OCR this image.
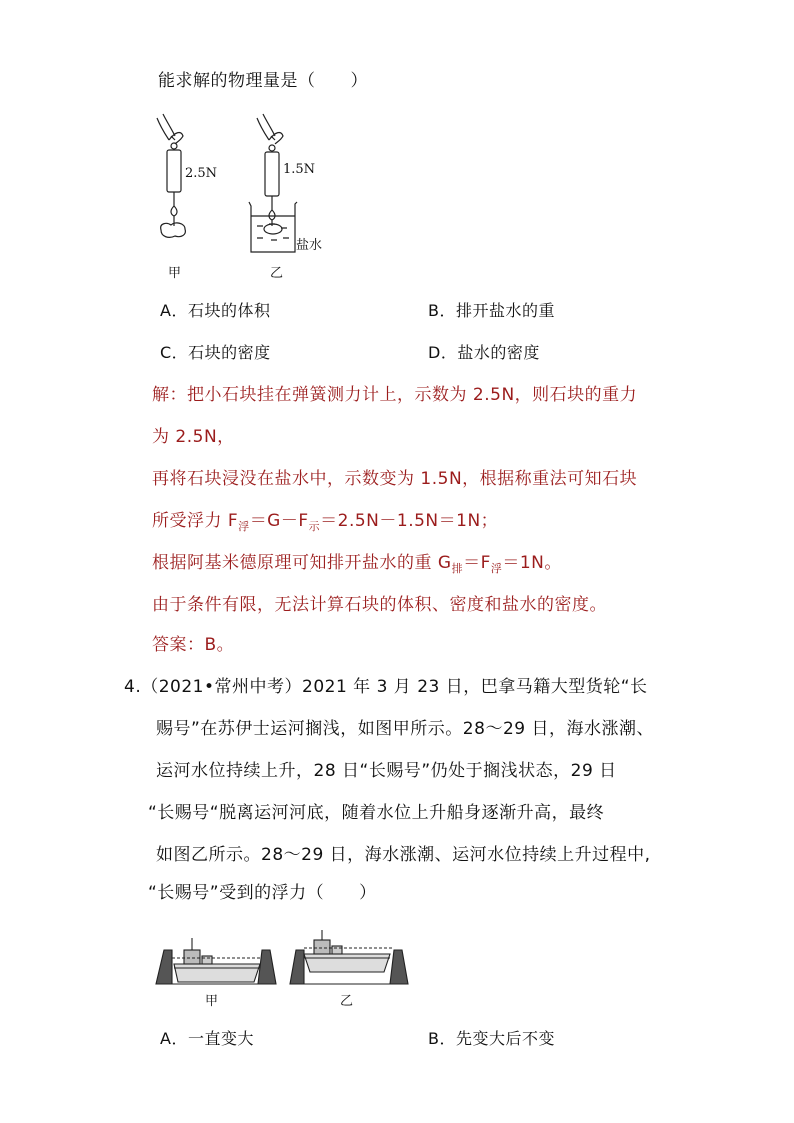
能求解的物理量是（　　）
2.5N	1.5N
盐水
甲	乙
A．石块的体积	B．排开盐水的重
C．石块的密度	D．盐水的密度
解：把小石块挂在弹簧测力计上，示数为 2.5N，则石块的重力
为 2.5N，
再将石块浸没在盐水中，示数变为 1.5N，根据称重法可知石块
所受浮力 $F_浮=G-F_示=2.5N-1.5N=1N$；
根据阿基米德原理可知排开盐水的重 $G_排=F_浮=1N$。
由于条件有限，无法计算石块的体积、密度和盐水的密度。
答案：B。
4.（2021•常州中考）2021 年 3 月 23 日，巴拿马籍大型货轮“长
赐号”在苏伊士运河搁浅，如图甲所示。28～29 日，海水涨潮、
运河水位持续上升，28 日“长赐号”仍处于搁浅状态，29 日
“长赐号“脱离运河河底，随着水位上升船身逐渐升高，最终
如图乙所示。28～29 日，海水涨潮、运河水位持续上升过程中,
“长赐号”受到的浮力（　　）
甲	乙
A．一直变大	B．先变大后不变
